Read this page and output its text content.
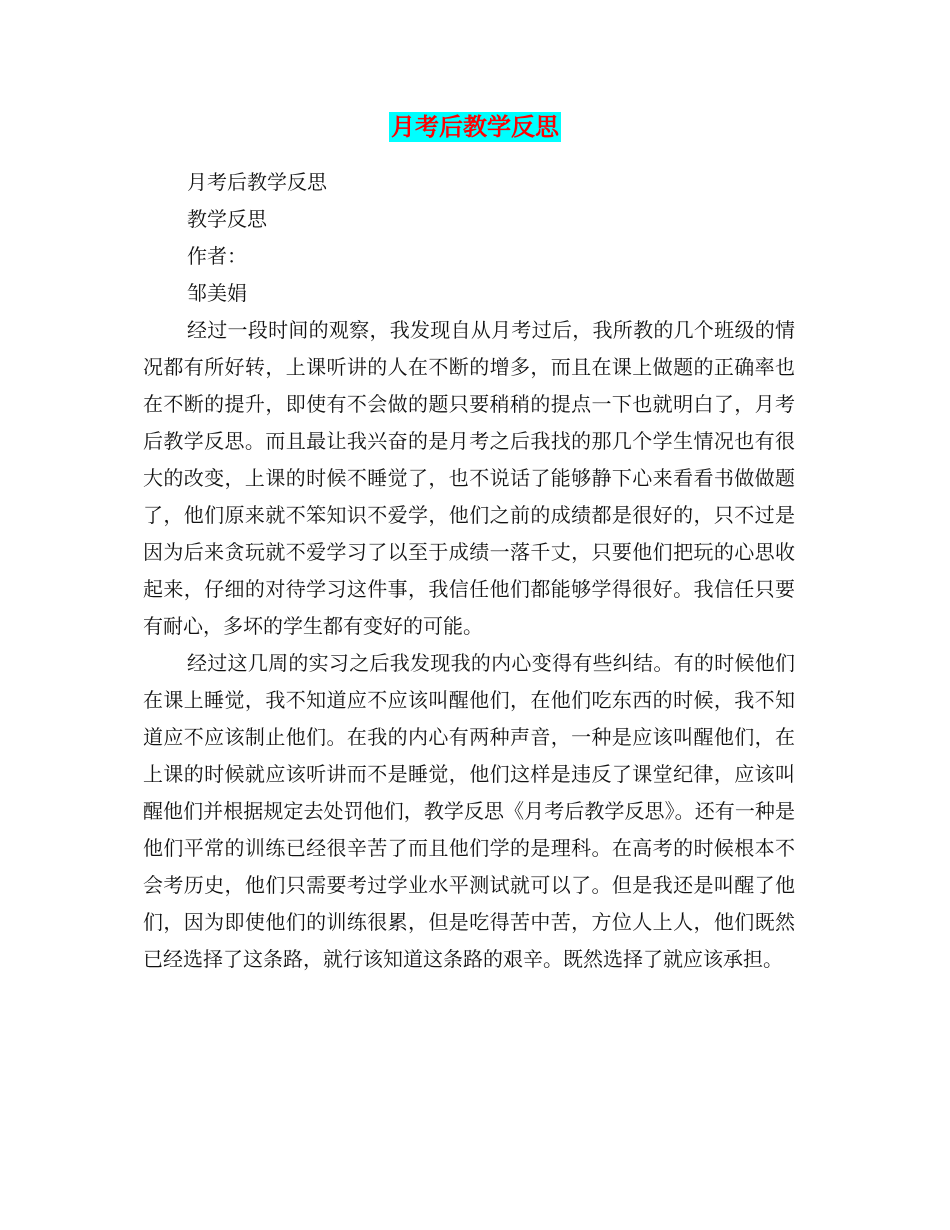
月考后教学反思

月考后教学反思

教学反思

作者：

邹美娟

经过一段时间的观察，我发现自从月考过后，我所教的几个班级的情况都有所好转，上课听讲的人在不断的增多，而且在课上做题的正确率也在不断的提升，即使有不会做的题只要稍稍的提点一下也就明白了，月考后教学反思。而且最让我兴奋的是月考之后我找的那几个学生情况也有很大的改变，上课的时候不睡觉了，也不说话了能够静下心来看看书做做题了，他们原来就不笨知识不爱学，他们之前的成绩都是很好的，只不过是因为后来贪玩就不爱学习了以至于成绩一落千丈，只要他们把玩的心思收起来，仔细的对待学习这件事，我信任他们都能够学得很好。我信任只要有耐心，多坏的学生都有变好的可能。

经过这几周的实习之后我发现我的内心变得有些纠结。有的时候他们在课上睡觉，我不知道应不应该叫醒他们，在他们吃东西的时候，我不知道应不应该制止他们。在我的内心有两种声音，一种是应该叫醒他们，在上课的时候就应该听讲而不是睡觉，他们这样是违反了课堂纪律，应该叫醒他们并根据规定去处罚他们，教学反思《月考后教学反思》。还有一种是他们平常的训练已经很辛苦了而且他们学的是理科。在高考的时候根本不会考历史，他们只需要考过学业水平测试就可以了。但是我还是叫醒了他们，因为即使他们的训练很累，但是吃得苦中苦，方位人上人，他们既然已经选择了这条路，就行该知道这条路的艰辛。既然选择了就应该承担。
